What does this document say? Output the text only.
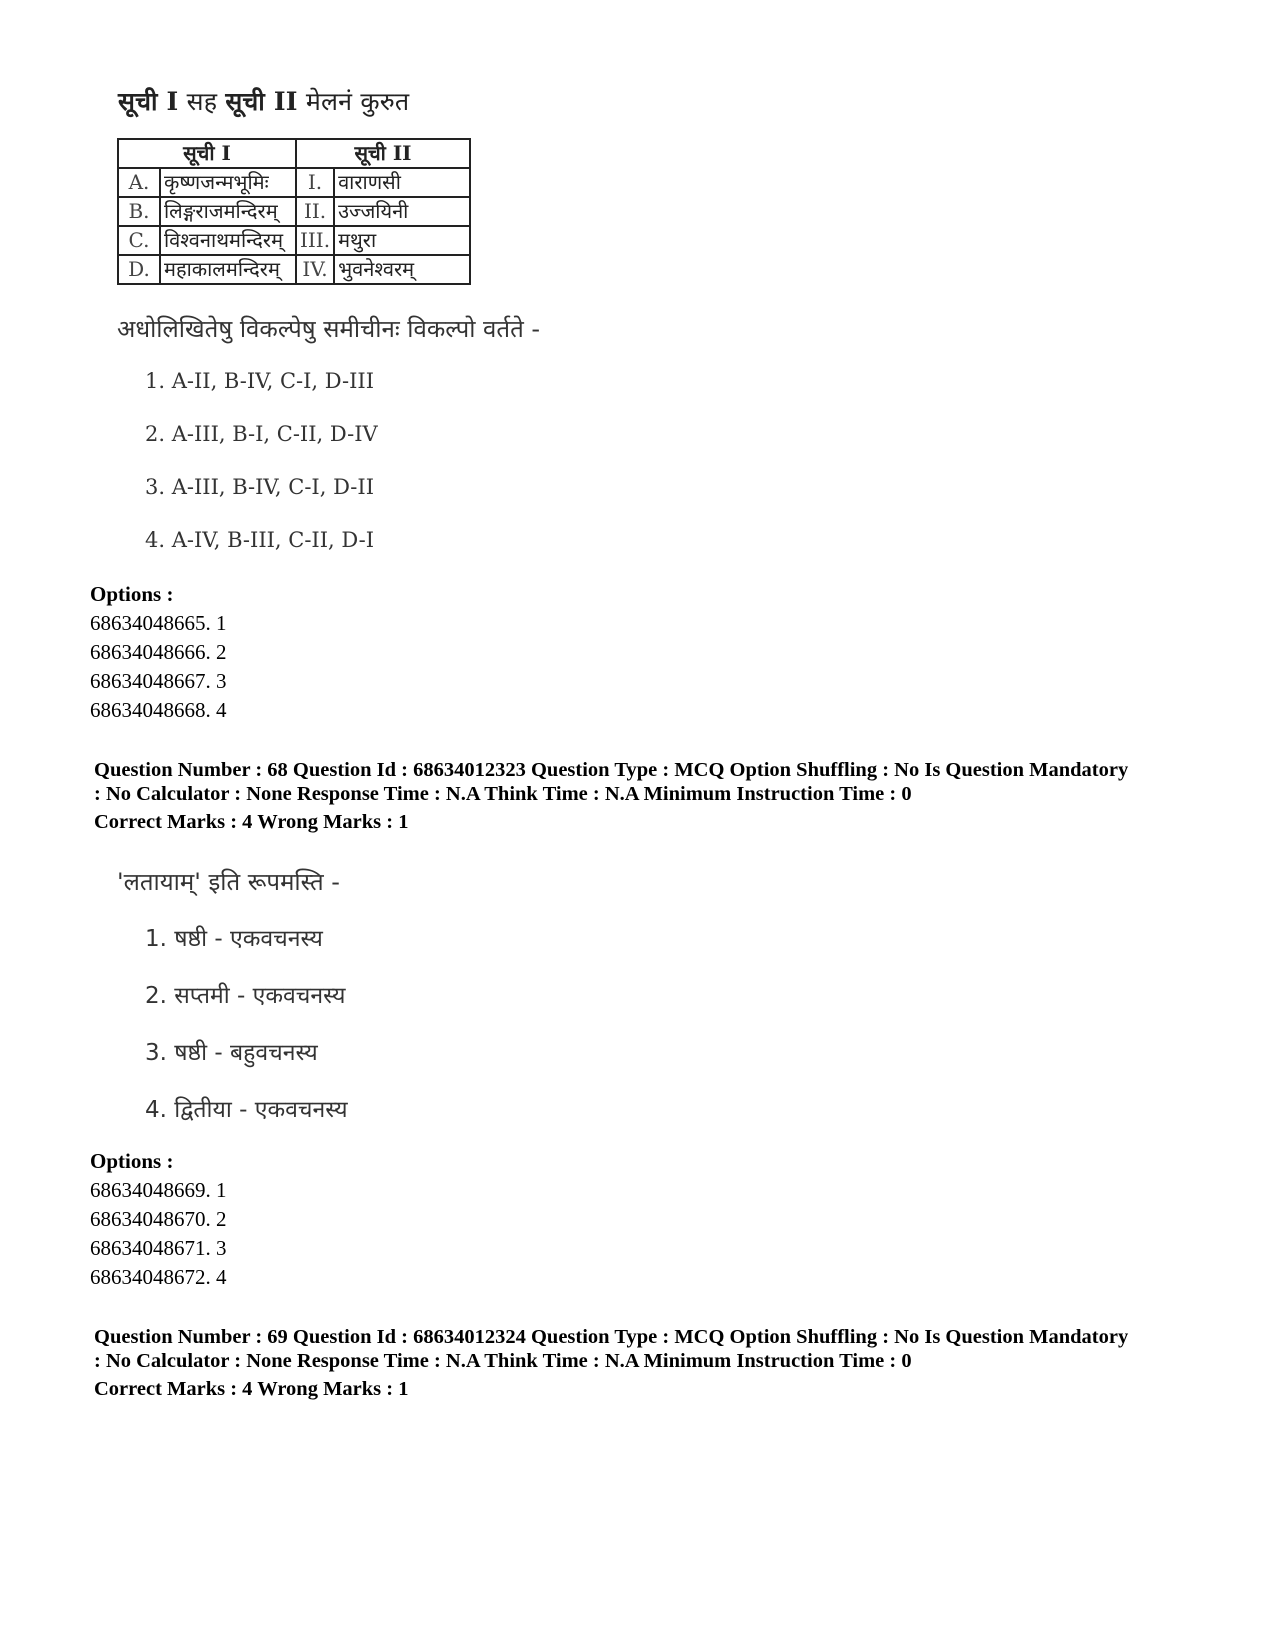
सूची I सह सूची II मेलनं कुरुत
सूची I		सूची II	
A.	कृष्णजन्मभूमिः	I.	वाराणसी
B.	लिङ्गराजमन्दिरम्	II.	उज्जयिनी
C.	विश्वनाथमन्दिरम्	III.	मथुरा
D.	महाकालमन्दिरम्	IV.	भुवनेश्वरम्
अधोलिखितेषु विकल्पेषु समीचीनः विकल्पो वर्तते -
1. A-II, B-IV, C-I, D-III
2. A-III, B-I, C-II, D-IV
3. A-III, B-IV, C-I, D-II
4. A-IV, B-III, C-II, D-I
Options :
68634048665. 1
68634048666. 2
68634048667. 3
68634048668. 4
Question Number : 68 Question Id : 68634012323 Question Type : MCQ Option Shuffling : No Is Question Mandatory
: No Calculator : None Response Time : N.A Think Time : N.A Minimum Instruction Time : 0
Correct Marks : 4 Wrong Marks : 1
'लतायाम्' इति रूपमस्ति -
1. षष्ठी - एकवचनस्य
2. सप्तमी - एकवचनस्य
3. षष्ठी - बहुवचनस्य
4. द्वितीया - एकवचनस्य
Options :
68634048669. 1
68634048670. 2
68634048671. 3
68634048672. 4
Question Number : 69 Question Id : 68634012324 Question Type : MCQ Option Shuffling : No Is Question Mandatory
: No Calculator : None Response Time : N.A Think Time : N.A Minimum Instruction Time : 0
Correct Marks : 4 Wrong Marks : 1
